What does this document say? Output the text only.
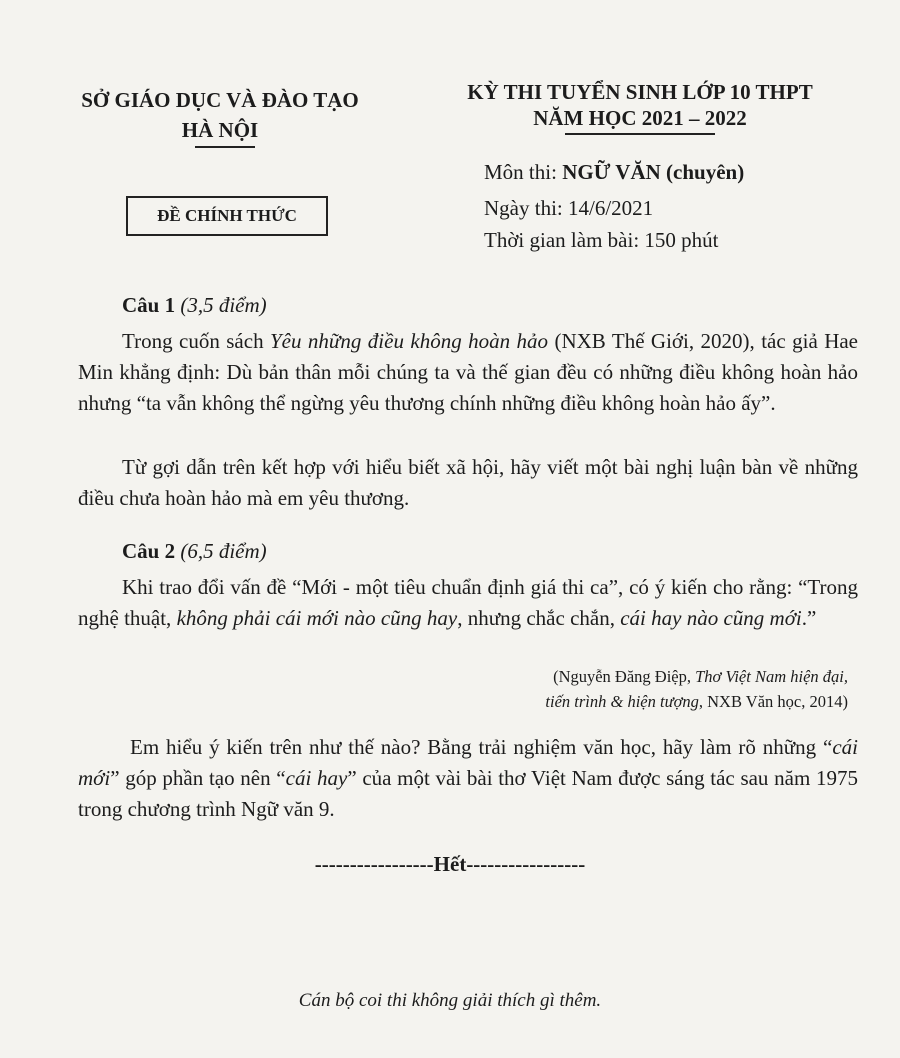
SỞ GIÁO DỤC VÀ ĐÀO TẠO
HÀ NỘI
ĐỀ CHÍNH THỨC
KỲ THI TUYỂN SINH LỚP 10 THPT
NĂM HỌC 2021 – 2022
Môn thi: NGỮ VĂN (chuyên)
Ngày thi: 14/6/2021
Thời gian làm bài: 150 phút
Câu 1 (3,5 điểm)
Trong cuốn sách Yêu những điều không hoàn hảo (NXB Thế Giới, 2020), tác giả Hae Min khẳng định: Dù bản thân mỗi chúng ta và thế gian đều có những điều không hoàn hảo nhưng “ta vẫn không thể ngừng yêu thương chính những điều không hoàn hảo ấy”.
Từ gợi dẫn trên kết hợp với hiểu biết xã hội, hãy viết một bài nghị luận bàn về những điều chưa hoàn hảo mà em yêu thương.
Câu 2 (6,5 điểm)
Khi trao đổi vấn đề “Mới - một tiêu chuẩn định giá thi ca”, có ý kiến cho rằng: “Trong nghệ thuật, không phải cái mới nào cũng hay, nhưng chắc chắn, cái hay nào cũng mới.”
(Nguyễn Đăng Điệp, Thơ Việt Nam hiện đại,
tiến trình & hiện tượng, NXB Văn học, 2014)
Em hiểu ý kiến trên như thế nào? Bằng trải nghiệm văn học, hãy làm rõ những “cái mới” góp phần tạo nên “cái hay” của một vài bài thơ Việt Nam được sáng tác sau năm 1975 trong chương trình Ngữ văn 9.
-----------------Hết-----------------
Cán bộ coi thi không giải thích gì thêm.
